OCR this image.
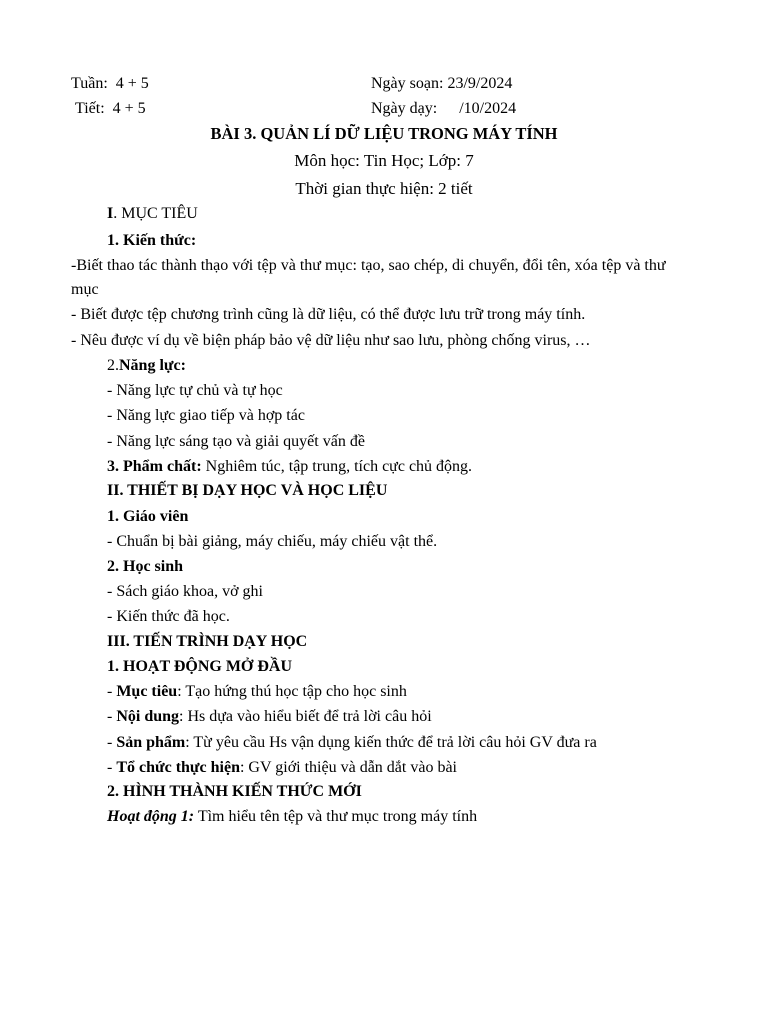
Tuần: 4 + 5	Ngày soạn: 23/9/2024
Tiết: 4 + 5	Ngày dạy: /10/2024
BÀI 3. QUẢN LÍ DỮ LIỆU TRONG MÁY TÍNH
Môn học: Tin Học; Lớp: 7
Thời gian thực hiện: 2 tiết
I. MỤC TIÊU
1. Kiến thức:
-Biết thao tác thành thạo với tệp và thư mục: tạo, sao chép, di chuyển, đổi tên, xóa tệp và thư
mục
- Biết được tệp chương trình cũng là dữ liệu, có thể được lưu trữ trong máy tính.
- Nêu được ví dụ về biện pháp bảo vệ dữ liệu như sao lưu, phòng chống virus, …
2.Năng lực:
- Năng lực tự chủ và tự học
- Năng lực giao tiếp và hợp tác
- Năng lực sáng tạo và giải quyết vấn đề
3. Phẩm chất: Nghiêm túc, tập trung, tích cực chủ động.
II. THIẾT BỊ DẠY HỌC VÀ HỌC LIỆU
1. Giáo viên
- Chuẩn bị bài giảng, máy chiếu, máy chiếu vật thể.
2. Học sinh
- Sách giáo khoa, vở ghi
- Kiến thức đã học.
III. TIẾN TRÌNH DẠY HỌC
1. HOẠT ĐỘNG MỞ ĐẦU
- Mục tiêu: Tạo hứng thú học tập cho học sinh
- Nội dung: Hs dựa vào hiểu biết để trả lời câu hỏi
- Sản phẩm: Từ yêu cầu Hs vận dụng kiến thức để trả lời câu hỏi GV đưa ra
- Tổ chức thực hiện: GV giới thiệu và dẫn dắt vào bài
2. HÌNH THÀNH KIẾN THỨC MỚI
Hoạt động 1: Tìm hiểu tên tệp và thư mục trong máy tính
